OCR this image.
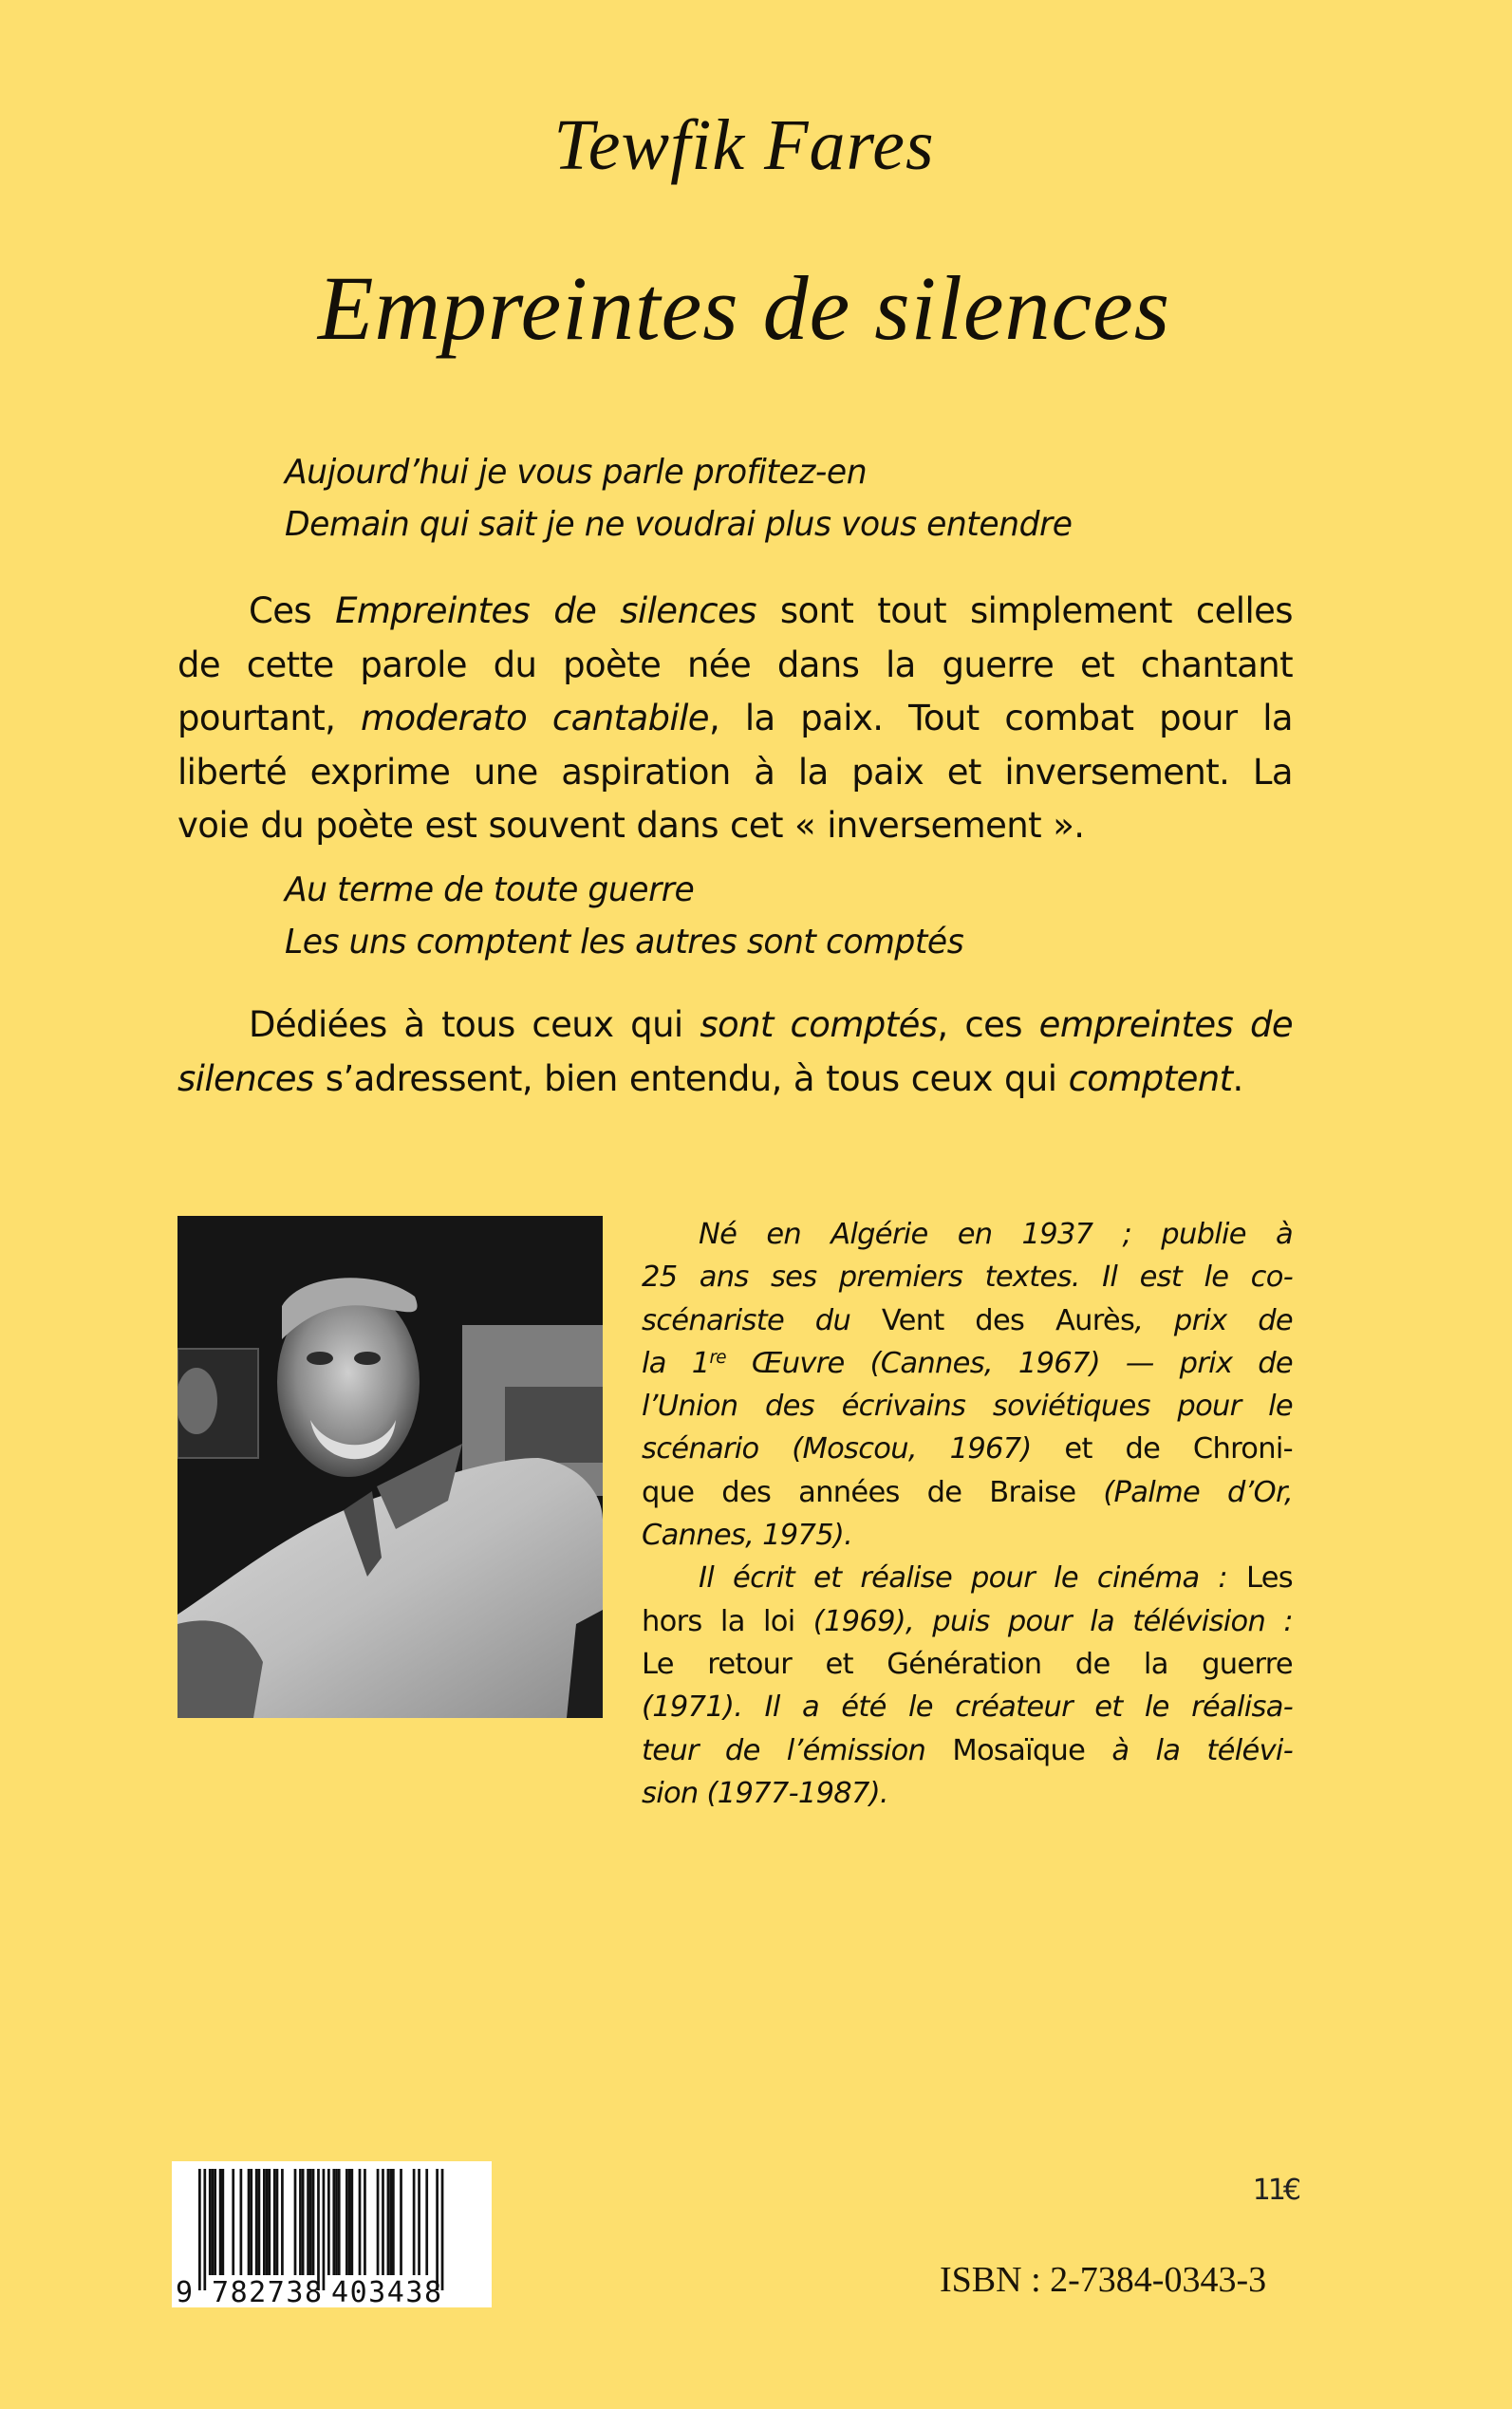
Tewfik Fares
Empreintes de silences
Aujourd’hui je vous parle profitez-en
Demain qui sait je ne voudrai plus vous entendre
Ces Empreintes de silences sont tout simplement celles
de cette parole du poète née dans la guerre et chantant
pourtant, moderato cantabile, la paix. Tout combat pour la
liberté exprime une aspiration à la paix et inversement. La
voie du poète est souvent dans cet « inversement ».
Au terme de toute guerre
Les uns comptent les autres sont comptés
Dédiées à tous ceux qui sont comptés, ces empreintes de
silences s’adressent, bien entendu, à tous ceux qui comptent.
Né en Algérie en 1937 ; publie à
25 ans ses premiers textes. Il est le co-
scénariste du Vent des Aurès, prix de
la 1re Œuvre (Cannes, 1967) — prix de
l’Union des écrivains soviétiques pour le
scénario (Moscou, 1967) et de Chroni-
que des années de Braise (Palme d’Or,
Cannes, 1975).
Il écrit et réalise pour le cinéma : Les
hors la loi (1969), puis pour la télévision :
Le retour et Génération de la guerre
(1971). Il a été le créateur et le réalisa-
teur de l’émission Mosaïque à la télévi-
sion (1977-1987).
9 782738 403438
11€
ISBN : 2-7384-0343-3
